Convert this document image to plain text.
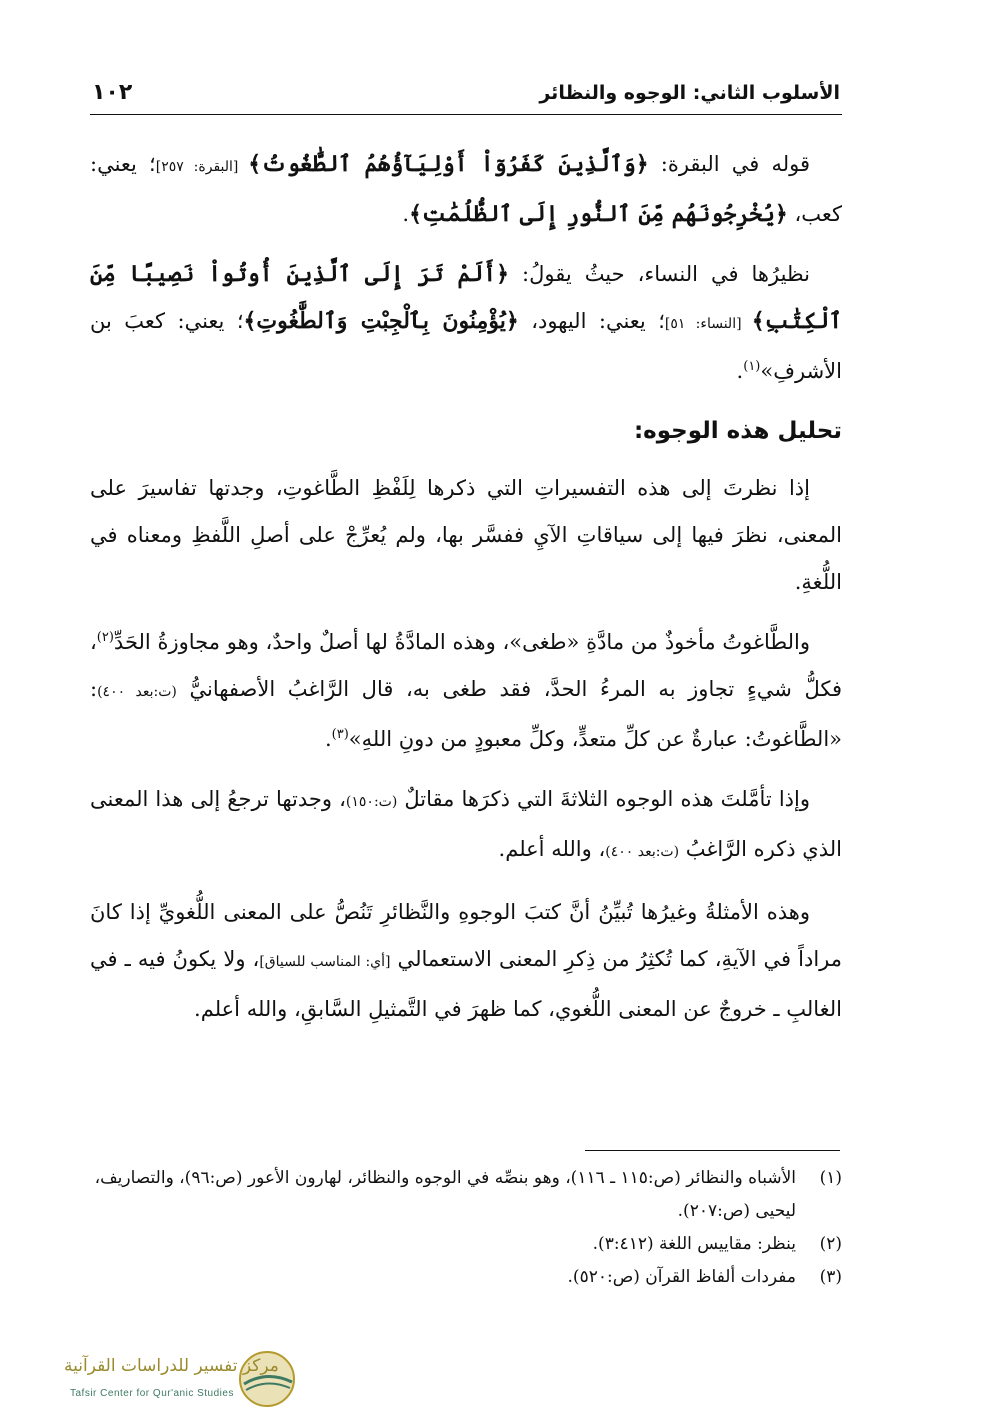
الأسلوب الثاني: الوجوه والنظائر
١٠٢

قوله في البقرة: ﴿وَٱلَّذِينَ كَفَرُوٓاْ أَوْلِيَآؤُهُمُ ٱلطَّٰغُوتُ﴾ [البقرة: ٢٥٧]؛ يعني: كعب، ﴿يُخْرِجُونَهُم مِّنَ ٱلنُّورِ إِلَى ٱلظُّلُمَٰتِ﴾.

نظيرُها في النساء، حيثُ يقولُ: ﴿أَلَمْ تَرَ إِلَى ٱلَّذِينَ أُوتُواْ نَصِيبًا مِّنَ ٱلْكِتَٰبِ﴾ [النساء: ٥١]؛ يعني: اليهود، ﴿يُؤْمِنُونَ بِٱلْجِبْتِ وَٱلطَّٰغُوتِ﴾؛ يعني: كعبَ بن الأشرفِ»$^{(١)}$.

تحليل هذه الوجوه:

إذا نظرتَ إلى هذه التفسيراتِ التي ذكرها لِلَفْظِ الطَّاغوتِ، وجدتها تفاسيرَ على المعنى، نظرَ فيها إلى سياقاتِ الآيِ ففسَّر بها، ولم يُعرِّجْ على أصلِ اللَّفظِ ومعناه في اللُّغةِ.

والطَّاغوتُ مأخوذٌ من مادَّةِ «طغى»، وهذه المادَّةُ لها أصلٌ واحدٌ، وهو مجاوزةُ الحَدِّ$^{(٢)}$، فكلُّ شيءٍ تجاوز به المرءُ الحدَّ، فقد طغى به، قال الرَّاغبُ الأصفهانيُّ (ت:بعد ٤٠٠): «الطَّاغوتُ: عبارةٌ عن كلِّ متعدٍّ، وكلِّ معبودٍ من دونِ اللهِ»$^{(٣)}$.

وإذا تأمَّلتَ هذه الوجوه الثلاثةَ التي ذكرَها مقاتلٌ (ت:١٥٠)، وجدتها ترجعُ إلى هذا المعنى الذي ذكره الرَّاغبُ (ت:بعد ٤٠٠)، والله أعلم.

وهذه الأمثلةُ وغيرُها تُبيِّنُ أنَّ كتبَ الوجوهِ والنَّظائرِ تَنُصُّ على المعنى اللُّغويِّ إذا كانَ مراداً في الآيةِ، كما تُكثِرُ من ذِكرِ المعنى الاستعمالي [أي: المناسب للسياق]، ولا يكونُ فيه ـ في الغالبِ ـ خروجٌ عن المعنى اللُّغوي، كما ظهرَ في التَّمثيلِ السَّابقِ، والله أعلم.

(١)
الأشباه والنظائر (ص:١١٥ ـ ١١٦)، وهو بنصِّه في الوجوه والنظائر، لهارون الأعور (ص:٩٦)، والتصاريف، ليحيى (ص:٢٠٧).
(٢)
ينظر: مقاييس اللغة (٣:٤١٢).
(٣)
مفردات ألفاظ القرآن (ص:٥٢٠).
مركز تفسير للدراسات القرآنية
Tafsir Center for Qur'anic Studies
